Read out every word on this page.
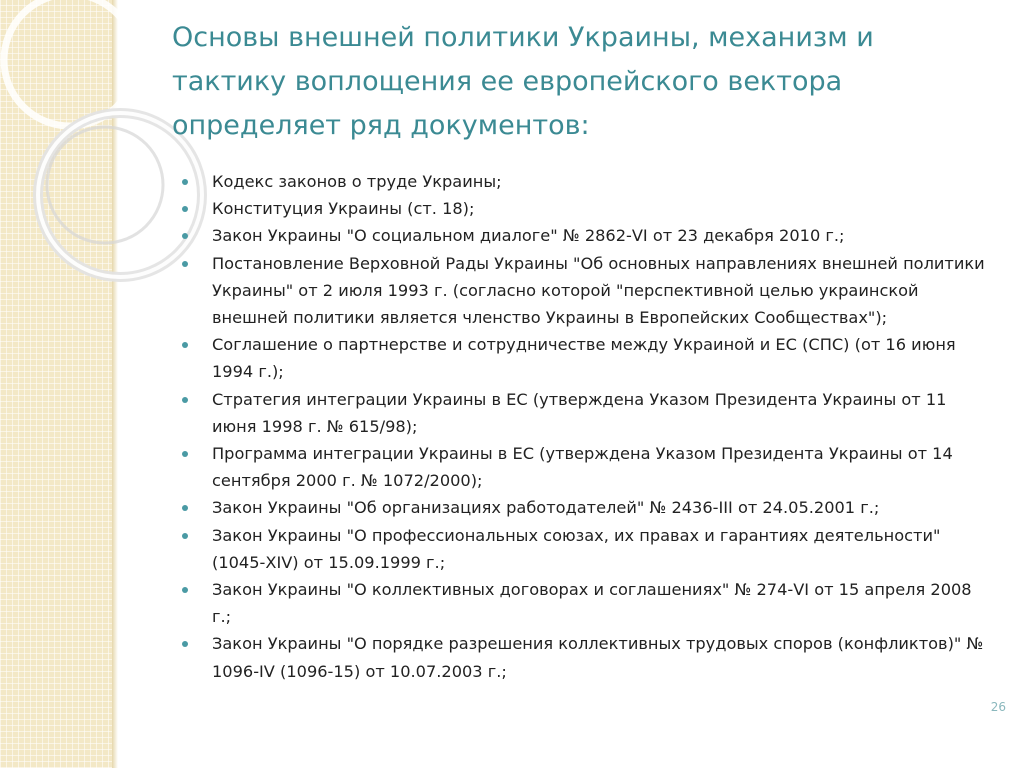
Основы внешней политики Украины, механизм и тактику воплощения ее европейского вектора определяет ряд документов:
Кодекс законов о труде Украины;
Конституция Украины (ст. 18);
Закон Украины "О социальном диалоге" № 2862-VI от 23 декабря 2010 г.;
Постановление Верховной Рады Украины "Об основных направлениях внешней политики Украины" от 2 июля 1993 г. (согласно которой "перспективной целью украинской внешней политики является членство Украины в Европейских Сообществах");
Соглашение о партнерстве и сотрудничестве между Украиной и ЕС (СПС) (от 16 июня 1994 г.);
Стратегия интеграции Украины в ЕС (утверждена Указом Президента Украины от 11 июня 1998 г. № 615/98);
Программа интеграции Украины в ЕС (утверждена Указом Президента Украины от 14 сентября 2000 г. № 1072/2000);
Закон Украины "Об организациях работодателей" № 2436-III от 24.05.2001 г.;
Закон Украины "О профессиональных союзах, их правах и гарантиях деятельности" (1045-XIV) от 15.09.1999 г.;
Закон Украины "О коллективных договорах и соглашениях" № 274-VI от 15 апреля 2008 г.;
Закон Украины "О порядке разрешения коллективных трудовых споров (конфликтов)" № 1096-IV (1096-15) от 10.07.2003 г.;
26
